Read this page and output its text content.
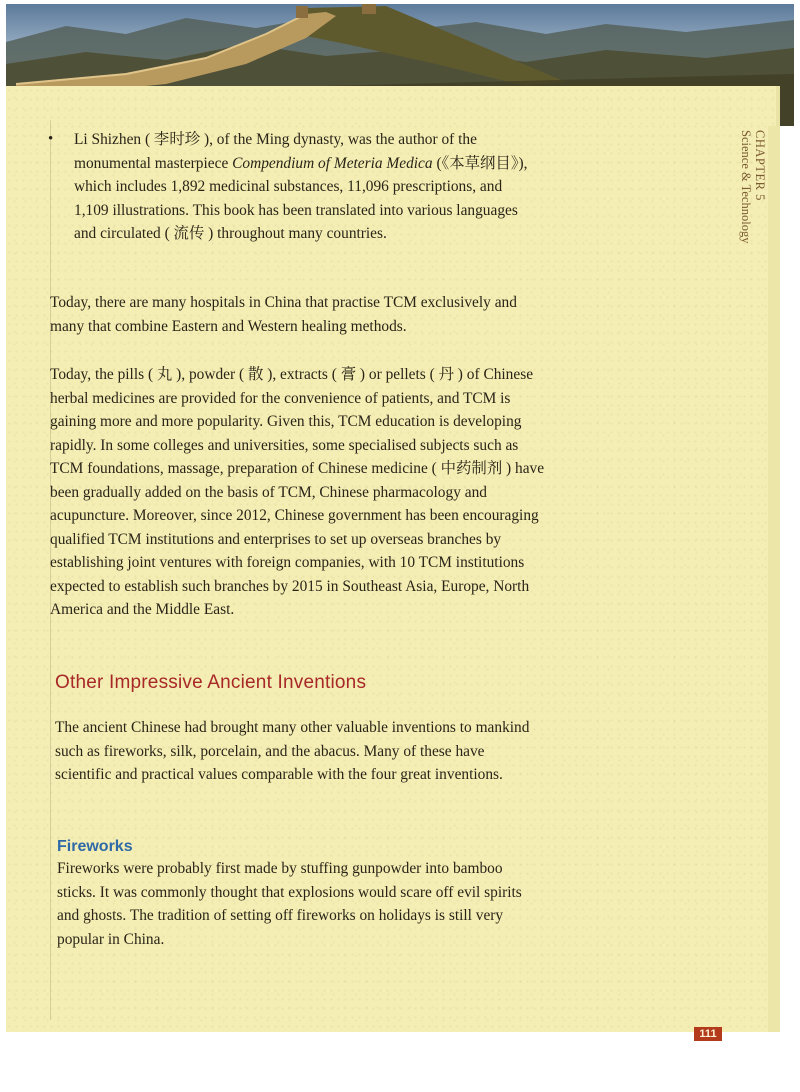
CHAPTER 5
Science & Technology
•	Li Shizhen ( 李时珍 ), of the Ming dynasty, was the author of the monumental masterpiece Compendium of Meteria Medica (《本草纲目》), which includes 1,892 medicinal substances, 11,096 prescriptions, and 1,109 illustrations. This book has been translated into various languages and circulated ( 流传 ) throughout many countries.
Today, there are many hospitals in China that practise TCM exclusively and many that combine Eastern and Western healing methods.
Today, the pills ( 丸 ), powder ( 散 ), extracts ( 膏 ) or pellets ( 丹 ) of Chinese herbal medicines are provided for the convenience of patients, and TCM is gaining more and more popularity. Given this, TCM education is developing rapidly. In some colleges and universities, some specialised subjects such as TCM foundations, massage, preparation of Chinese medicine ( 中药制剂 ) have been gradually added on the basis of TCM, Chinese pharmacology and acupuncture. Moreover, since 2012, Chinese government has been encouraging qualified TCM institutions and enterprises to set up overseas branches by establishing joint ventures with foreign companies, with 10 TCM institutions expected to establish such branches by 2015 in Southeast Asia, Europe, North America and the Middle East.
Other Impressive Ancient Inventions
The ancient Chinese had brought many other valuable inventions to mankind such as fireworks, silk, porcelain, and the abacus. Many of these have scientific and practical values comparable with the four great inventions.
Fireworks
Fireworks were probably first made by stuffing gunpowder into bamboo sticks. It was commonly thought that explosions would scare off evil spirits and ghosts. The tradition of setting off fireworks on holidays is still very popular in China.
111
